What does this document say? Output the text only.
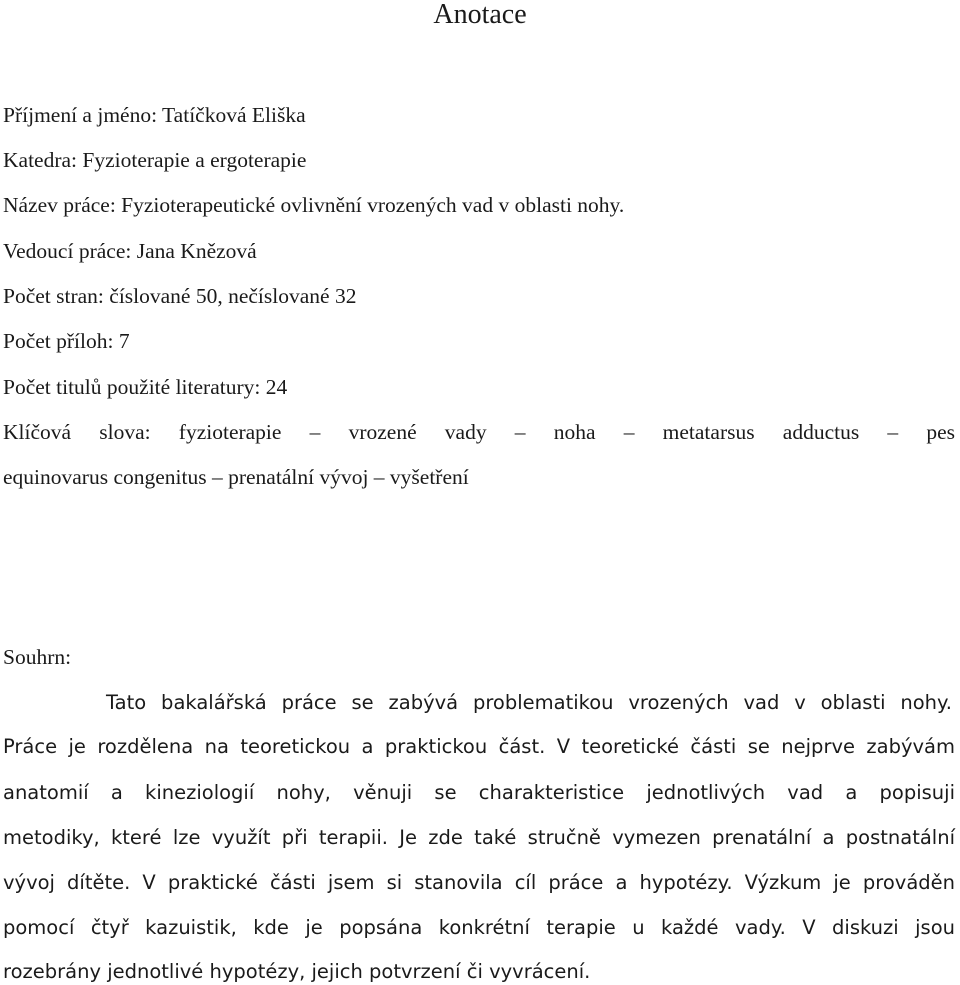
Anotace
Příjmení a jméno: Tatíčková Eliška
Katedra: Fyzioterapie a ergoterapie
Název práce: Fyzioterapeutické ovlivnění vrozených vad v oblasti nohy.
Vedoucí práce: Jana Knězová
Počet stran: číslované 50, nečíslované 32
Počet příloh: 7
Počet titulů použité literatury: 24
Klíčová slova: fyzioterapie – vrozené vady – noha – metatarsus adductus – pes
equinovarus congenitus – prenatální vývoj – vyšetření
Souhrn:
Tato bakalářská práce se zabývá problematikou vrozených vad v oblasti nohy.
Práce je rozdělena na teoretickou a praktickou část. V teoretické části se nejprve zabývám
anatomií a kineziologií nohy, věnuji se charakteristice jednotlivých vad a popisuji
metodiky, které lze využít při terapii. Je zde také stručně vymezen prenatální a postnatální
vývoj dítěte. V praktické části jsem si stanovila cíl práce a hypotézy. Výzkum je prováděn
pomocí čtyř kazuistik, kde je popsána konkrétní terapie u každé vady. V diskuzi jsou
rozebrány jednotlivé hypotézy, jejich potvrzení či vyvrácení.
